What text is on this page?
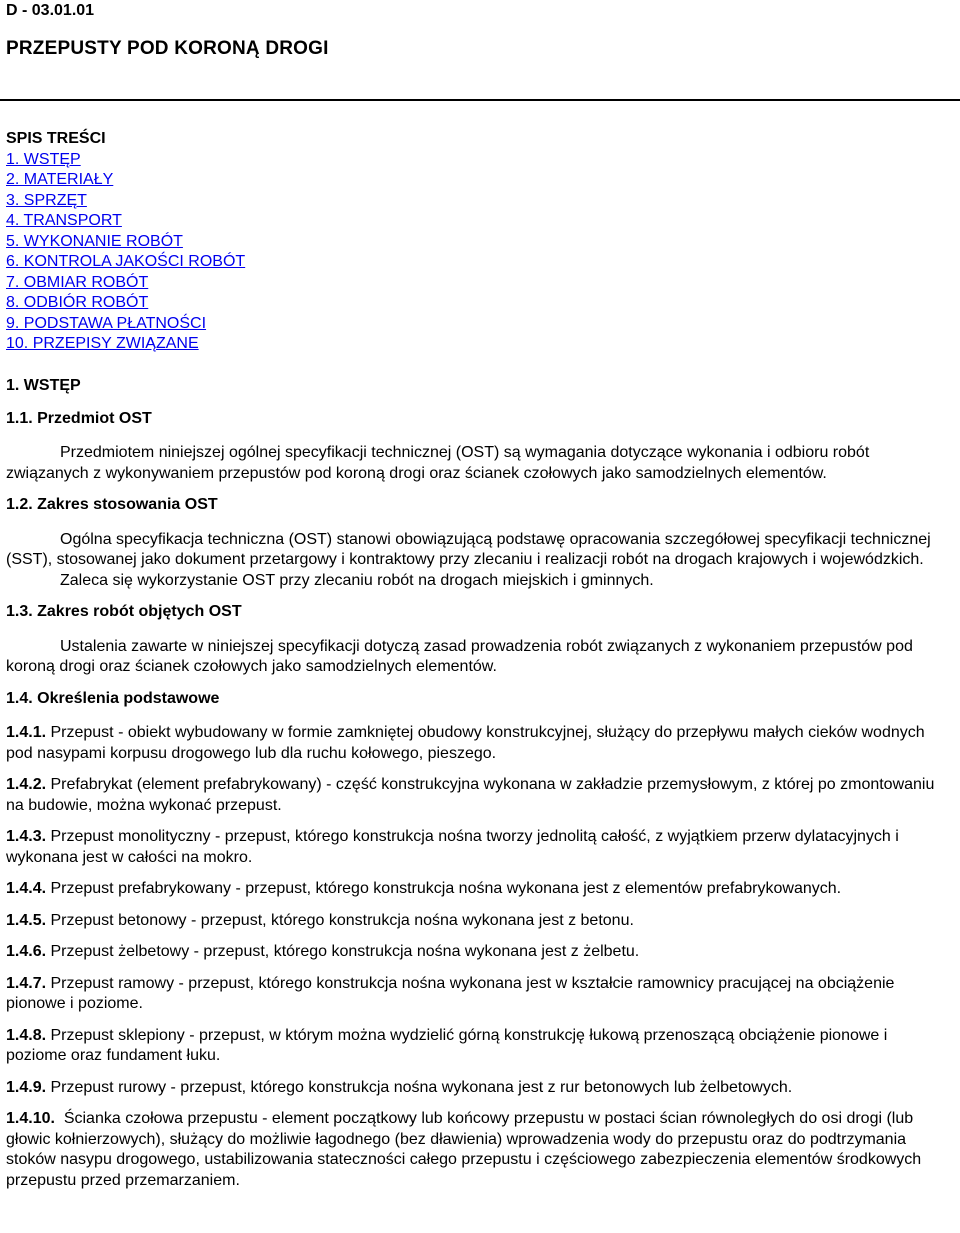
D - 03.01.01
PRZEPUSTY POD KORONĄ DROGI
SPIS TREŚCI
1. WSTĘP
2. MATERIAŁY
3. SPRZĘT
4. TRANSPORT
5. WYKONANIE ROBÓT
6. KONTROLA JAKOŚCI ROBÓT
7. OBMIAR ROBÓT
8. ODBIÓR ROBÓT
9. PODSTAWA PŁATNOŚCI
10. PRZEPISY ZWIĄZANE
1. WSTĘP
1.1. Przedmiot OST

Przedmiotem niniejszej ogólnej specyfikacji technicznej (OST) są wymagania dotyczące wykonania i odbioru robót związanych z wykonywaniem przepustów pod koroną drogi oraz ścianek czołowych jako samodzielnych elementów.

1.2. Zakres stosowania OST

Ogólna specyfikacja techniczna (OST) stanowi obowiązującą podstawę opracowania szczegółowej specyfikacji technicznej (SST), stosowanej jako dokument przetargowy i kontraktowy przy zlecaniu i realizacji robót na drogach krajowych i wojewódzkich.

Zaleca się wykorzystanie OST przy zlecaniu robót na drogach miejskich i gminnych.

1.3. Zakres robót objętych OST

Ustalenia zawarte w niniejszej specyfikacji dotyczą zasad prowadzenia robót związanych z wykonaniem przepustów pod koroną drogi oraz ścianek czołowych jako samodzielnych elementów.

1.4. Określenia podstawowe

1.4.1. Przepust - obiekt wybudowany w formie zamkniętej obudowy konstrukcyjnej, służący do przepływu małych cieków wodnych pod nasypami korpusu drogowego lub dla ruchu kołowego, pieszego.

1.4.2. Prefabrykat (element prefabrykowany) - część konstrukcyjna wykonana w zakładzie przemysłowym, z której po zmontowaniu na budowie, można wykonać przepust.

1.4.3. Przepust monolityczny - przepust, którego konstrukcja nośna tworzy jednolitą całość, z wyjątkiem przerw dylatacyjnych i wykonana jest w całości na mokro.

1.4.4. Przepust prefabrykowany - przepust, którego konstrukcja nośna wykonana jest z elementów prefabrykowanych.

1.4.5. Przepust betonowy - przepust, którego konstrukcja nośna wykonana jest z betonu.

1.4.6. Przepust żelbetowy - przepust, którego konstrukcja nośna wykonana jest z żelbetu.

1.4.7. Przepust ramowy - przepust, którego konstrukcja nośna wykonana jest w kształcie ramownicy pracującej na obciążenie pionowe i poziome.

1.4.8. Przepust sklepiony - przepust, w którym można wydzielić górną konstrukcję łukową przenoszącą obciążenie pionowe i poziome oraz fundament łuku.

1.4.9. Przepust rurowy - przepust, którego konstrukcja nośna wykonana jest z rur betonowych lub żelbetowych.

1.4.10.  Ścianka czołowa przepustu - element początkowy lub końcowy przepustu w postaci ścian równoległych do osi drogi (lub głowic kołnierzowych), służący do możliwie łagodnego (bez dławienia) wprowadzenia wody do przepustu oraz do podtrzymania stoków nasypu drogowego, ustabilizowania stateczności całego przepustu i częściowego zabezpieczenia elementów środkowych przepustu przed przemarzaniem.
